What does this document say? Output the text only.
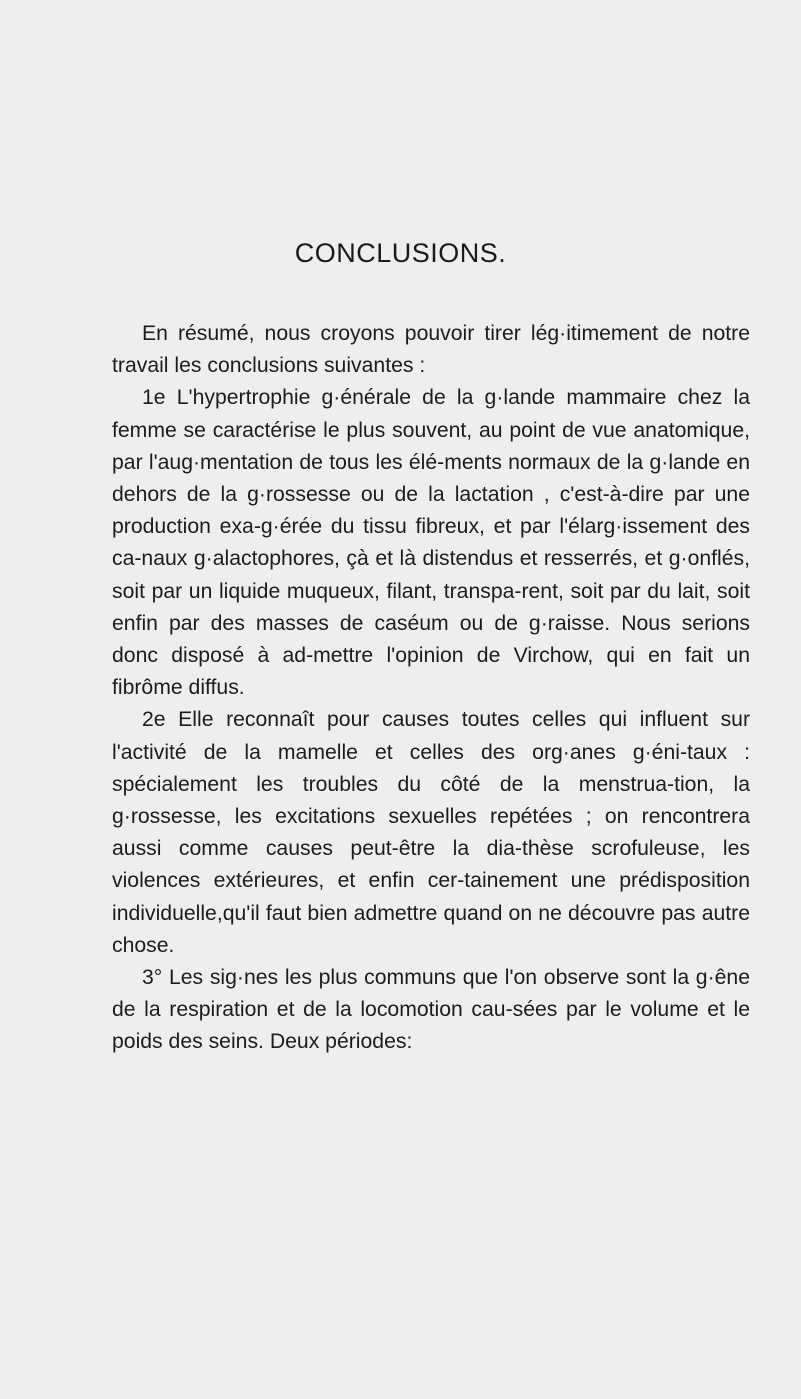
CONCLUSIONS.

En résumé, nous croyons pouvoir tirer lég·itimement de notre travail les conclusions suivantes :

1e L'hypertrophie g·énérale de la g·lande mammaire chez la femme se caractérise le plus souvent, au point de vue anatomique, par l'aug·mentation de tous les élé-ments normaux de la g·lande en dehors de la g·rossesse ou de la lactation , c'est-à-dire par une production exa-g·érée du tissu fibreux, et par l'élarg·issement des ca-naux g·alactophores, çà et là distendus et resserrés, et g·onflés, soit par un liquide muqueux, filant, transpa-rent, soit par du lait, soit enfin par des masses de caséum ou de g·raisse. Nous serions donc disposé à ad-mettre l'opinion de Virchow, qui en fait un fibrôme diffus.

2e Elle reconnaît pour causes toutes celles qui influent sur l'activité de la mamelle et celles des org·anes g·éni-taux : spécialement les troubles du côté de la menstrua-tion, la g·rossesse, les excitations sexuelles repétées ; on rencontrera aussi comme causes peut-être la dia-thèse scrofuleuse, les violences extérieures, et enfin cer-tainement une prédisposition individuelle,qu'il faut bien admettre quand on ne découvre pas autre chose.

3° Les sig·nes les plus communs que l'on observe sont la g·êne de la respiration et de la locomotion cau-sées par le volume et le poids des seins. Deux périodes:
